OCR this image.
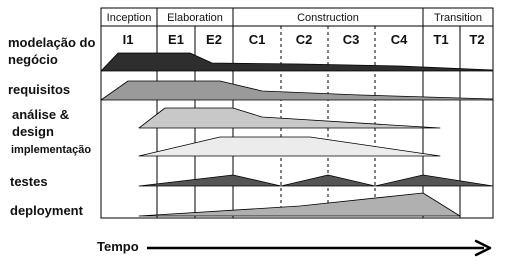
Inception Elaboration	Construction	Transition
I1	E1 E2 C1 C2 C3 C4 T1 T2
modelação do
negócio
requisitos
análise &
design
implementação
testes
deployment
Tempo
